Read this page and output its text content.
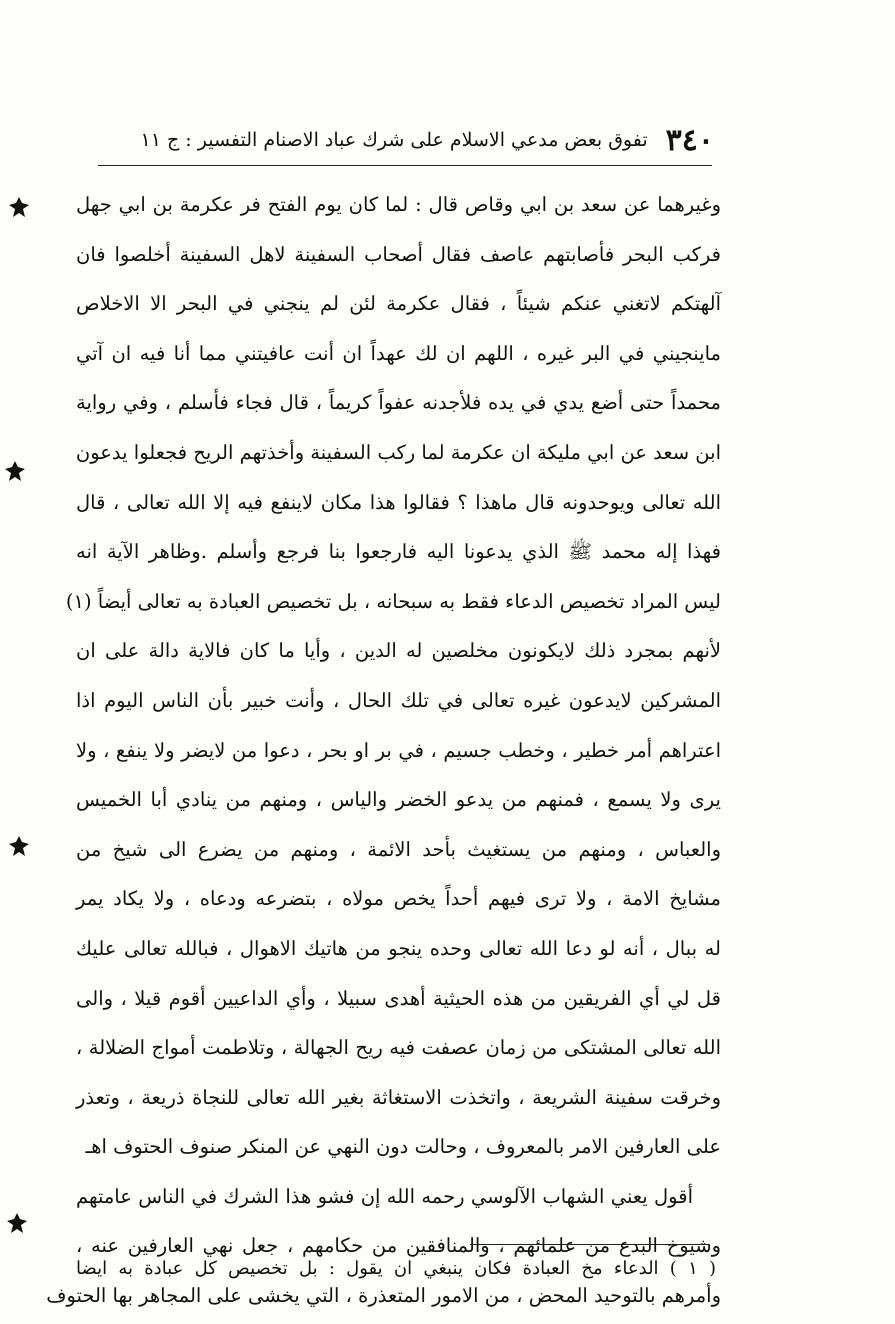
٣٤٠
تفوق بعض مدعي الاسلام على شرك عباد الاصنام التفسير : ج ١١
وغيرهما عن سعد بن ابي وقاص قال : لما كان يوم الفتح فر عكرمة بن ابي جهل
فركب البحر فأصابتهم عاصف فقال أصحاب السفينة لاهل السفينة أخلصوا فان
آلهتكم لاتغني عنكم شيئاً ، فقال عكرمة لئن لم ينجني في البحر الا الاخلاص
ماينجيني في البر غيره ، اللهم ان لك عهداً ان أنت عافيتني مما أنا فيه ان آتي
محمداً حتى أضع يدي في يده فلأجدنه عفواً كريماً ، قال فجاء فأسلم ، وفي رواية
ابن سعد عن ابي مليكة ان عكرمة لما ركب السفينة وأخذتهم الريح فجعلوا يدعون
الله تعالى ويوحدونه قال ماهذا ؟ فقالوا هذا مكان لاينفع فيه إلا الله تعالى ، قال
فهذا إله محمد ﷺ الذي يدعونا اليه فارجعوا بنا فرجع وأسلم .وظاهر الآية انه
ليس المراد تخصيص الدعاء فقط به سبحانه ، بل تخصيص العبادة به تعالى أيضاً (١)
لأنهم بمجرد ذلك لايكونون مخلصين له الدين ، وأيا ما كان فالاية دالة على ان
المشركين لايدعون غيره تعالى في تلك الحال ، وأنت خبير بأن الناس اليوم اذا
اعتراهم أمر خطير ، وخطب جسيم ، في بر او بحر ، دعوا من لايضر ولا ينفع ، ولا
يرى ولا يسمع ، فمنهم من يدعو الخضر والياس ، ومنهم من ينادي أبا الخميس
والعباس ، ومنهم من يستغيث بأحد الائمة ، ومنهم من يضرع الى شيخ من
مشايخ الامة ، ولا ترى فيهم أحداً يخص مولاه ، بتضرعه ودعاه ، ولا يكاد يمر
له ببال ، أنه لو دعا الله تعالى وحده ينجو من هاتيك الاهوال ، فبالله تعالى عليك
قل لي أي الفريقين من هذه الحيثية أهدى سبيلا ، وأي الداعيين أقوم قيلا ، والى
الله تعالى المشتكى من زمان عصفت فيه ريح الجهالة ، وتلاطمت أمواج الضلالة ،
وخرقت سفينة الشريعة ، واتخذت الاستغاثة بغير الله تعالى للنجاة ذريعة ، وتعذر
على العارفين الامر بالمعروف ، وحالت دون النهي عن المنكر صنوف الحتوف اهـ
أقول يعني الشهاب الآلوسي رحمه الله إن فشو هذا الشرك في الناس عامتهم
وشيوخ البدع من علمائهم ، والمنافقين من حكامهم ، جعل نهي العارفين عنه ،
وأمرهم بالتوحيد المحض ، من الامور المتعذرة ، التي يخشى على المجاهر بها الحتوف
( ١ ) الدعاء مخ العبادة فكان ينبغي ان يقول : بل تخصيص كل عبادة به ايضا
